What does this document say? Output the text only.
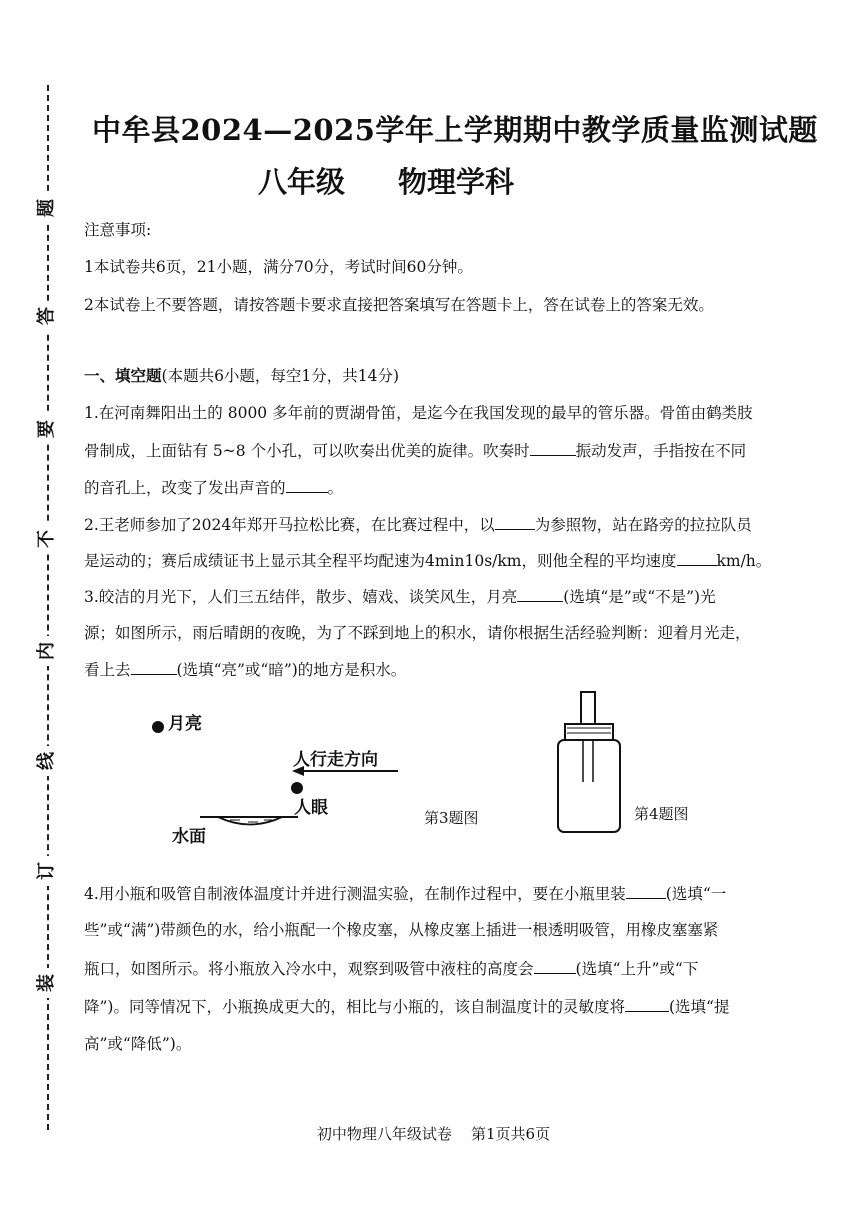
题
答
要
不
内
线
订
装
中牟县2024—2025学年上学期期中教学质量监测试题
八年级 物理学科
注意事项:
1本试卷共6页，21小题，满分70分，考试时间60分钟。
2本试卷上不要答题，请按答题卡要求直接把答案填写在答题卡上，答在试卷上的答案无效。
一、填空题(本题共6小题，每空1分，共14分)
1.在河南舞阳出土的 8000 多年前的贾湖骨笛，是迄今在我国发现的最早的管乐器。骨笛由鹤类肢
骨制成，上面钻有 5~8 个小孔，可以吹奏出优美的旋律。吹奏时	振动发声，手指按在不同
的音孔上，改变了发出声音的	。
2.王老师参加了2024年郑开马拉松比赛，在比赛过程中，以	为参照物，站在路旁的拉拉队员
是运动的；赛后成绩证书上显示其全程平均配速为4min10s/km，则他全程的平均速度	km/h。
3.皎洁的月光下，人们三五结伴，散步、嬉戏、谈笑风生，月亮	(选填“是”或“不是”)光
源；如图所示，雨后晴朗的夜晚，为了不踩到地上的积水，请你根据生活经验判断：迎着月光走，
看上去	(选填“亮”或“暗”)的地方是积水。
月亮
人行走方向
人眼
水面
第3题图	第4题图
4.用小瓶和吸管自制液体温度计并进行测温实验，在制作过程中，要在小瓶里装	(选填“一
些”或“满”)带颜色的水，给小瓶配一个橡皮塞，从橡皮塞上插进一根透明吸管，用橡皮塞塞紧
瓶口，如图所示。将小瓶放入冷水中，观察到吸管中液柱的高度会	(选填“上升”或“下
降”)。同等情况下，小瓶换成更大的，相比与小瓶的，该自制温度计的灵敏度将	(选填“提
高”或“降低”)。
初中物理八年级试卷    第1页共6页
